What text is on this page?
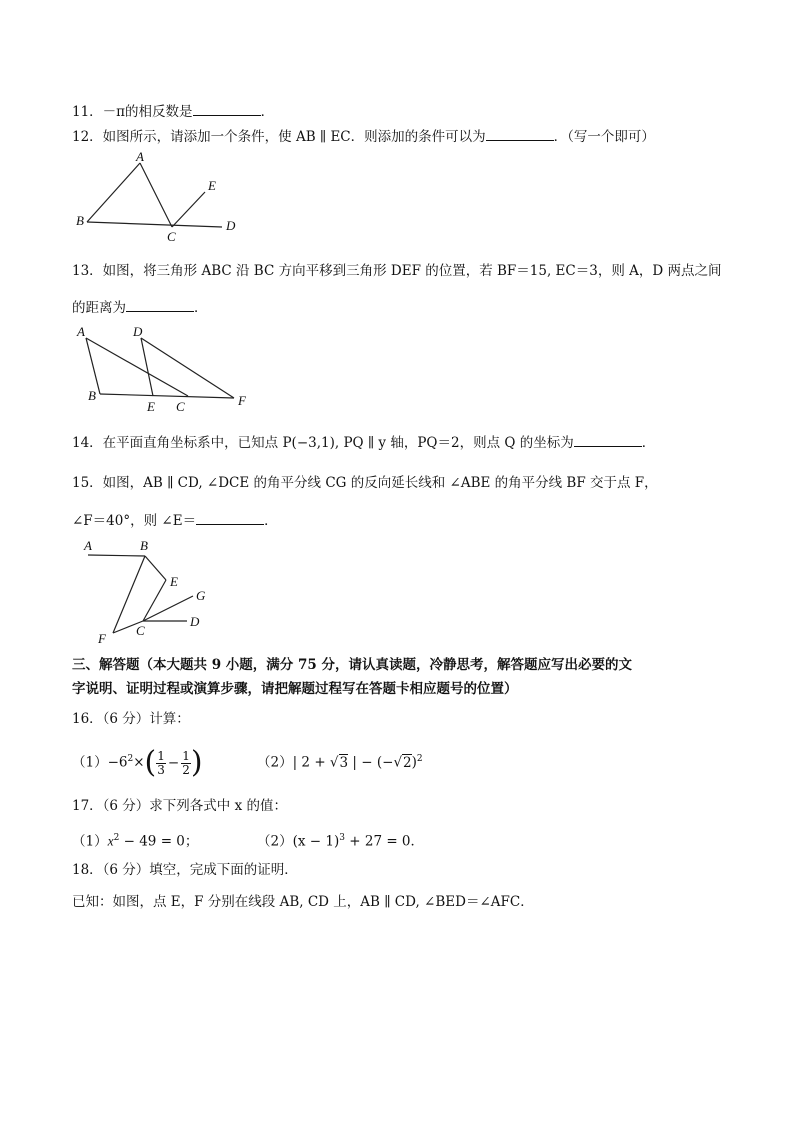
11．－π的相反数是	．
12．如图所示，请添加一个条件，使 AB ∥ EC．则添加的条件可以为	．（写一个即可）
A
B
C
D
E
13．如图，将三角形 ABC 沿 BC 方向平移到三角形 DEF 的位置，若 BF＝15, EC＝3，则 A，D 两点之间
的距离为	．
A	D
B
E C	F
14．在平面直角坐标系中，已知点 P(−3,1), PQ ∥ y 轴，PQ＝2，则点 Q 的坐标为	．
15．如图，AB ∥ CD, ∠DCE 的角平分线 CG 的反向延长线和 ∠ABE 的角平分线 BF 交于点 F，
∠F＝40°，则 ∠E＝	．
A	B
E
G
D
C
F
三、解答题（本大题共 9 小题，满分 75 分，请认真读题，冷静思考，解答题应写出必要的文
字说明、证明过程或演算步骤，请把解题过程写在答题卡相应题号的位置）
16．（6 分）计算：
$(1)-6^2\times( \frac{1}{3} - \frac{1}{2}$ )	（2）| 2 + √3 | − $(-√2)^2$
17．（6 分）求下列各式中 x 的值：
$(1)x^2 - 49 = 0$；	$(2)(x - 1)^3 + 27 = 0$．
18．（6 分）填空，完成下面的证明．
已知：如图，点 E，F 分别在线段 AB, CD 上，AB ∥ CD, ∠BED＝∠AFC．
